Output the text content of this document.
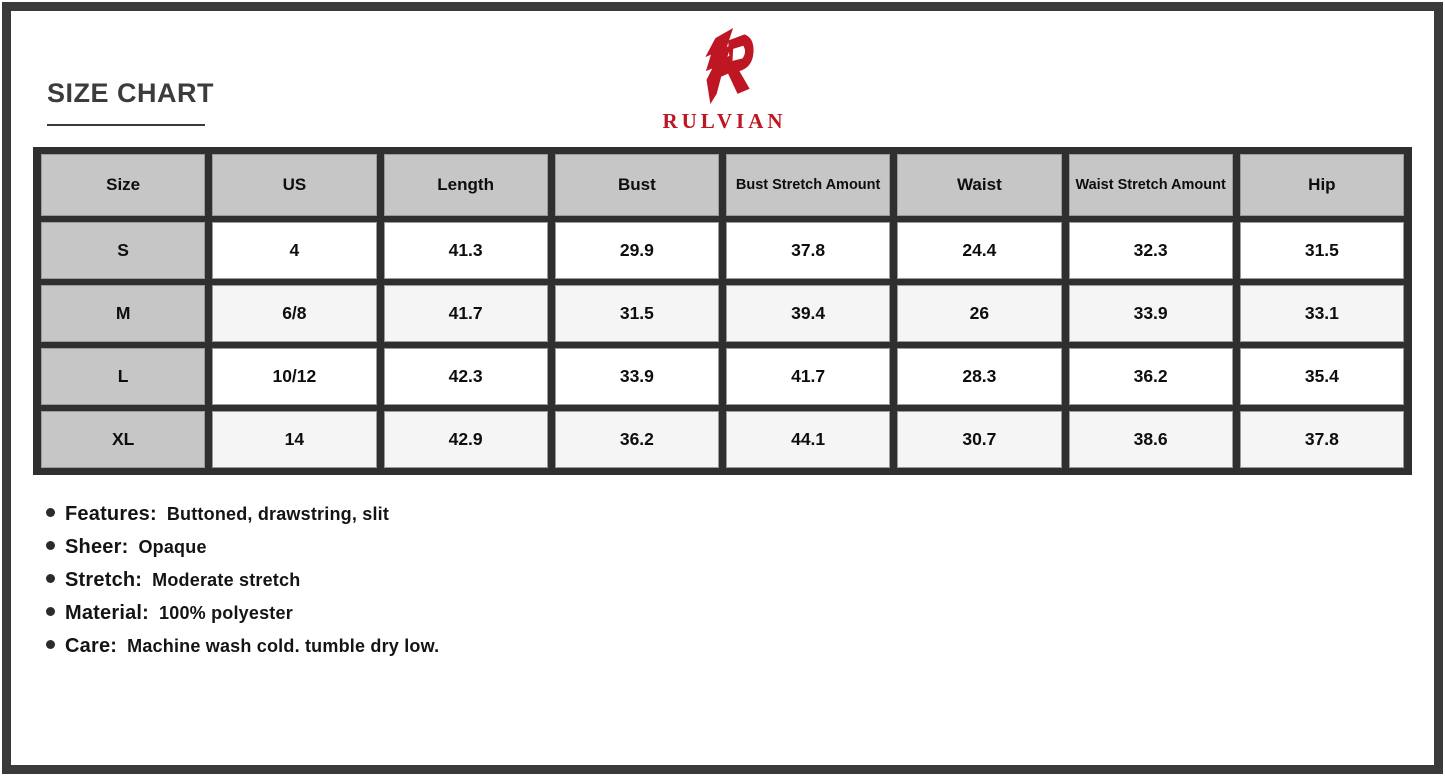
SIZE CHART
RULVIAN
Size	US	Length	Bust	Bust Stretch Amount	Waist	Waist Stretch Amount	Hip
S	4	41.3	29.9	37.8	24.4	32.3	31.5
M	6/8	41.7	31.5	39.4	26	33.9	33.1
L	10/12	42.3	33.9	41.7	28.3	36.2	35.4
XL	14	42.9	36.2	44.1	30.7	38.6	37.8
Features: Buttoned, drawstring, slit
Sheer: Opaque
Stretch: Moderate stretch
Material: 100% polyester
Care: Machine wash cold. tumble dry low.
